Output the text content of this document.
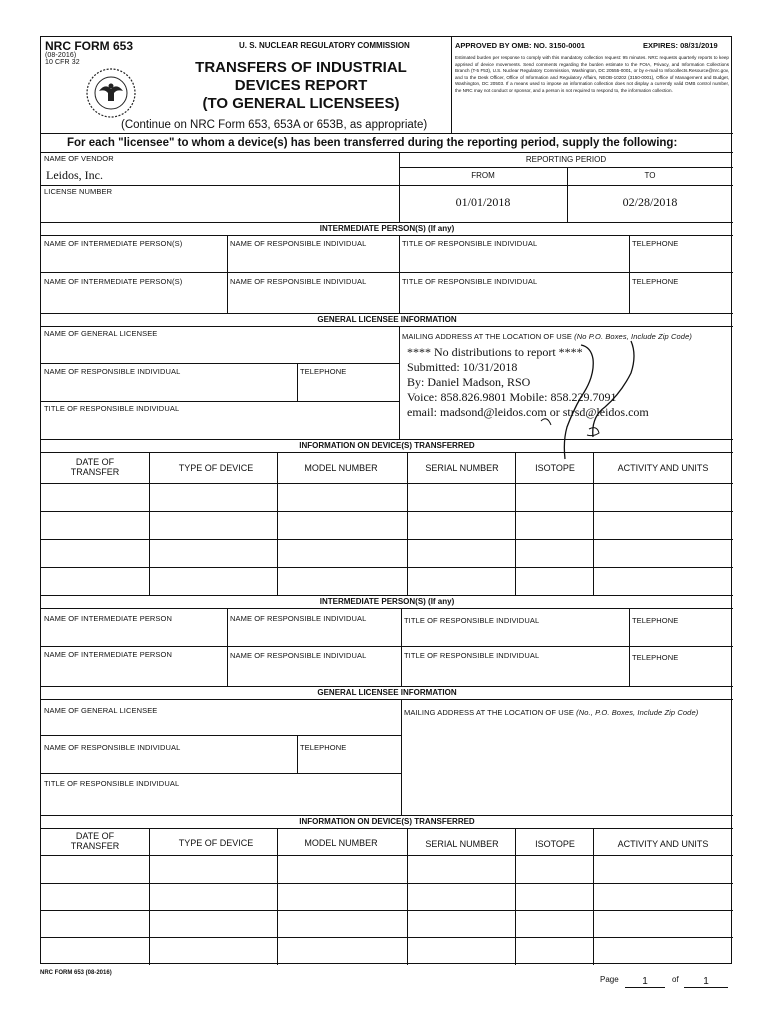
NRC FORM 653
(08-2016)
10 CFR 32
U. S. NUCLEAR REGULATORY COMMISSION
TRANSFERS OF INDUSTRIAL
DEVICES REPORT
(TO GENERAL LICENSEES)
(Continue on NRC Form 653, 653A or 653B, as appropriate)
APPROVED BY OMB: NO. 3150-0001	EXPIRES: 08/31/2019
Estimated burden per response to comply with this mandatory collection request: 95 minutes. NRC requests quarterly reports to keep apprised of device movements. Send comments regarding the burden estimate to the FOIA, Privacy, and Information Collections Branch (T-5 F53), U.S. Nuclear Regulatory Commission, Washington, DC 20555-0001, or by e-mail to Infocollects.Resource@nrc.gov, and to the Desk Officer, Office of Information and Regulatory Affairs, NEOB-10202 (3150-0001), Office of Management and Budget, Washington, DC 20503. If a means used to impose an information collection does not display a currently valid OMB control number, the NRC may not conduct or sponsor, and a person is not required to respond to, the information collection.
For each "licensee" to whom a device(s) has been transferred during the reporting period, supply the following:
NAME OF VENDOR
Leidos, Inc.
LICENSE NUMBER
REPORTING PERIOD
FROM	TO
01/01/2018	02/28/2018
INTERMEDIATE PERSON(S) (If any)
NAME OF INTERMEDIATE PERSON(S)	NAME OF RESPONSIBLE INDIVIDUAL	TITLE OF RESPONSIBLE INDIVIDUAL	TELEPHONE
NAME OF INTERMEDIATE PERSON(S)	NAME OF RESPONSIBLE INDIVIDUAL	TITLE OF RESPONSIBLE INDIVIDUAL	TELEPHONE
GENERAL LICENSEE INFORMATION
NAME OF GENERAL LICENSEE	MAILING ADDRESS AT THE LOCATION OF USE (No P.O. Boxes, Include Zip Code)
NAME OF RESPONSIBLE INDIVIDUAL	TELEPHONE
TITLE OF RESPONSIBLE INDIVIDUAL
**** No distributions to report ****
Submitted: 10/31/2018
By: Daniel Madson, RSO
Voice: 858.826.9801 Mobile: 858.229.7091
email: madsond@leidos.com or strsd@leidos.com
INFORMATION ON DEVICE(S) TRANSFERRED
DATE OF TRANSFER	TYPE OF DEVICE	MODEL NUMBER	SERIAL NUMBER	ISOTOPE	ACTIVITY AND UNITS
INTERMEDIATE PERSON(S) (If any)
NAME OF INTERMEDIATE PERSON	NAME OF RESPONSIBLE INDIVIDUAL	TITLE OF RESPONSIBLE INDIVIDUAL	TELEPHONE
NAME OF INTERMEDIATE PERSON	NAME OF RESPONSIBLE INDIVIDUAL	TITLE OF RESPONSIBLE INDIVIDUAL	TELEPHONE
GENERAL LICENSEE INFORMATION
NAME OF GENERAL LICENSEE	MAILING ADDRESS AT THE LOCATION OF USE (No., P.O. Boxes, Include Zip Code)
NAME OF RESPONSIBLE INDIVIDUAL	TELEPHONE
TITLE OF RESPONSIBLE INDIVIDUAL
INFORMATION ON DEVICE(S) TRANSFERRED
DATE OF TRANSFER	TYPE OF DEVICE	MODEL NUMBER	SERIAL NUMBER	ISOTOPE	ACTIVITY AND UNITS
NRC FORM 653 (08-2016)
Page	1	of	1
